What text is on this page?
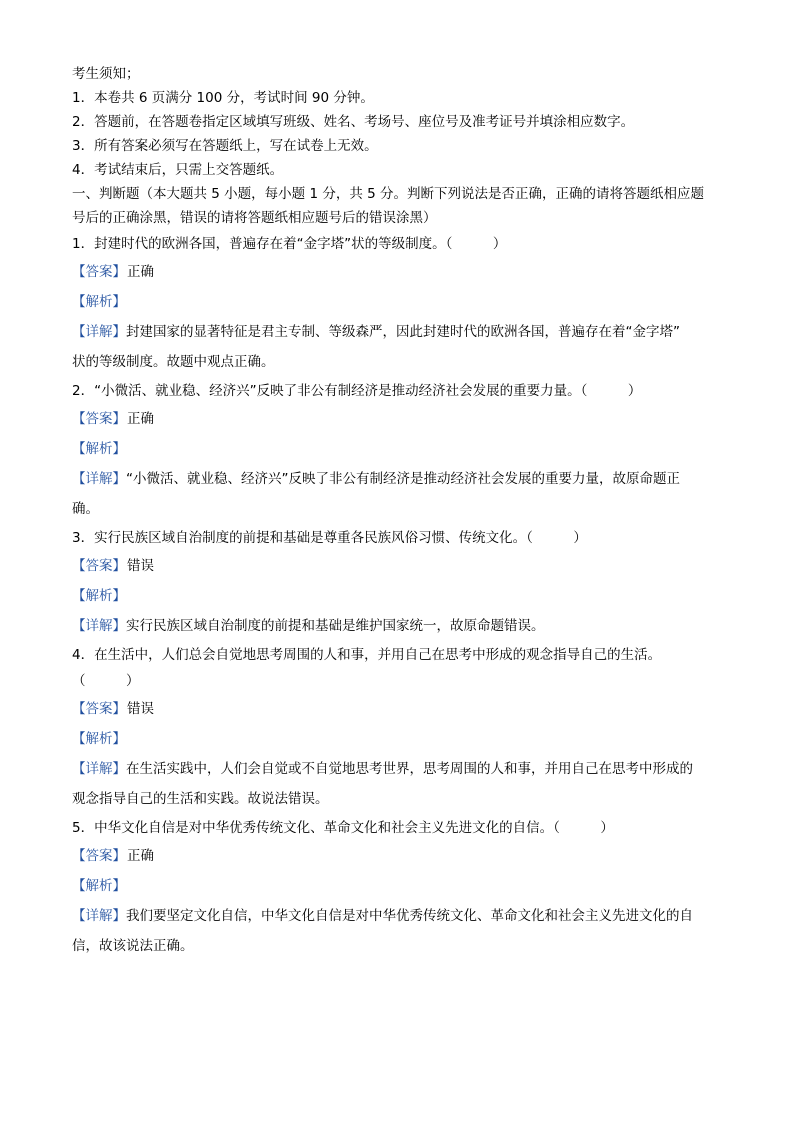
考生须知；
1．本卷共 6 页满分 100 分，考试时间 90 分钟。
2．答题前，在答题卷指定区域填写班级、姓名、考场号、座位号及准考证号并填涂相应数字。
3．所有答案必须写在答题纸上，写在试卷上无效。
4．考试结束后，只需上交答题纸。
一、判断题（本大题共 5 小题，每小题 1 分，共 5 分。判断下列说法是否正确，正确的请将答题纸相应题
号后的正确涂黑，错误的请将答题纸相应题号后的错误涂黑）
1．封建时代的欧洲各国，普遍存在着“金字塔”状的等级制度。（　　　）
【答案】正确
【解析】
【详解】封建国家的显著特征是君主专制、等级森严，因此封建时代的欧洲各国，普遍存在着“金字塔”
状的等级制度。故题中观点正确。
2．“小微活、就业稳、经济兴”反映了非公有制经济是推动经济社会发展的重要力量。（　　　）
【答案】正确
【解析】
【详解】“小微活、就业稳、经济兴”反映了非公有制经济是推动经济社会发展的重要力量，故原命题正
确。
3．实行民族区域自治制度的前提和基础是尊重各民族风俗习惯、传统文化。（　　　）
【答案】错误
【解析】
【详解】实行民族区域自治制度的前提和基础是维护国家统一，故原命题错误。
4．在生活中，人们总会自觉地思考周围的人和事，并用自己在思考中形成的观念指导自己的生活。
（　　　）
【答案】错误
【解析】
【详解】在生活实践中，人们会自觉或不自觉地思考世界，思考周围的人和事，并用自己在思考中形成的
观念指导自己的生活和实践。故说法错误。
5．中华文化自信是对中华优秀传统文化、革命文化和社会主义先进文化的自信。（　　　）
【答案】正确
【解析】
【详解】我们要坚定文化自信，中华文化自信是对中华优秀传统文化、革命文化和社会主义先进文化的自
信，故该说法正确。
